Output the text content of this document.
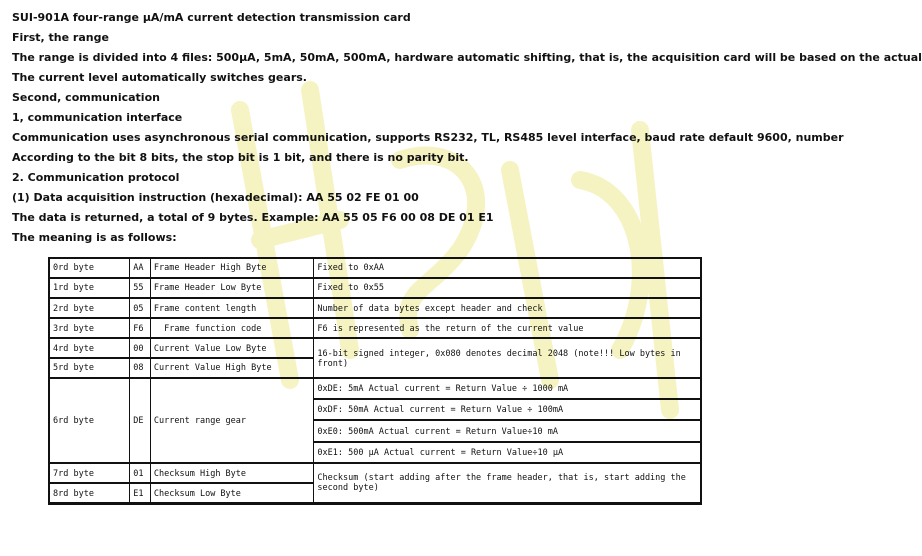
SUI-901A four-range μA/mA current detection transmission card
First, the range
The range is divided into 4 files: 500μA, 5mA, 50mA, 500mA, hardware automatic shifting, that is, the acquisition card will be based on the actual
The current level automatically switches gears.
Second, communication
1, communication interface
Communication uses asynchronous serial communication, supports RS232, TL, RS485 level interface, baud rate default 9600, number
According to the bit 8 bits, the stop bit is 1 bit, and there is no parity bit.
2. Communication protocol
(1) Data acquisition instruction (hexadecimal): AA 55 02 FE 01 00
The data is returned, a total of 9 bytes. Example: AA 55 05 F6 00 08 DE 01 E1
The meaning is as follows:
0rd byte	AA	Frame Header High Byte	Fixed to 0xAA
1rd byte	55	Frame Header Low Byte	Fixed to 0x55
2rd byte	05	Frame content length	Number of data bytes except header and check
3rd byte	F6	Frame function code	F6 is represented as the return of the current value
4rd byte	00	Current Value Low Byte	16-bit signed integer, 0x080 denotes decimal 2048 (note!!! Low bytes in front)
5rd byte	08	Current Value High Byte	
6rd byte	DE	Current range gear	0xDE: 5mA Actual current = Return Value ÷ 1000 mA
			0xDF: 50mA Actual current = Return Value ÷ 100mA
			0xE0: 500mA Actual current = Return Value÷10 mA
			0xE1: 500 μA Actual current = Return Value÷10 μA
7rd byte	01	Checksum High Byte	Checksum (start adding after the frame header, that is, start adding the second byte)
8rd byte	E1	Checksum Low Byte	
